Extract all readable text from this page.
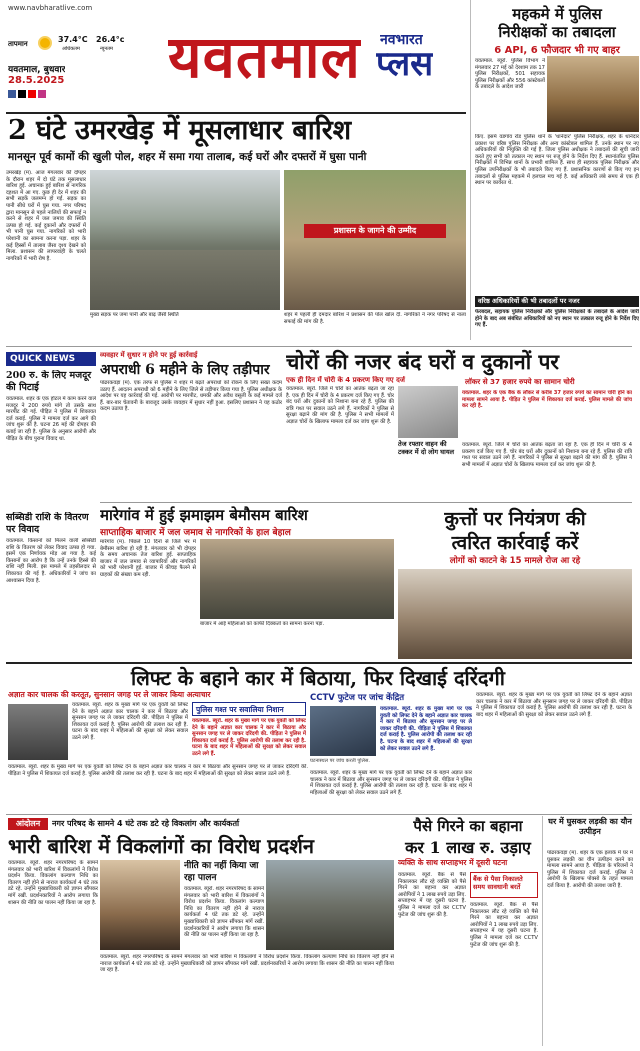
www.navbharatlive.com
तापमान	37.4°C
अधिकतम
26.4°c
न्यूनतम
यवतमाल, बुधवार
28.5.2025 यवतमाल नवभारत
प्लस
महकमे में पुलिस
निरीक्षकों का तबादला
6 API, 6 फौजदार भी गए बाहर
यवतमाल. ब्यूरो. पुलिस विभाग ने मंगलवार 27 मई को देरशाम तक 17 पुलिस निरीक्षकों, 501 सहायक पुलिस निरीक्षकों और 556 कांस्टेबलों के तबादले के आदेश जारी
किए. इसमें वडगांव रोड पुलिस थाने के 'थानेदार' पुलिस निरीक्षक, शहर के थानेदार प्रकाश पर वरिष्ठ पुलिस निरीक्षक और अन्य कांस्टेबल शामिल हैं. उनके स्थान पर नए अधिकारियों की नियुक्ति की गई है. जिला पुलिस अधीक्षक ने तबादलों की सूची जारी करते हुए सभी को तत्काल नए स्थान पर रुजू होने के निर्देश दिए हैं. स्थानांतरित पुलिस निरीक्षकों में विभिन्न थानों के प्रभारी शामिल हैं. साथ ही सहायक पुलिस निरीक्षक और पुलिस उपनिरीक्षकों के भी तबादले किए गए हैं. प्रशासनिक कारणों से किए गए इन तबादलों से पुलिस महकमे में हलचल मच गई है. कई अधिकारी लंबे समय से एक ही स्थान पर कार्यरत थे.
वरिष्ठ अधिकारियों की भी तबादलों पर नजर
फेरबदल, सहायक पुलिस निरीक्षकों और पुलिस निरीक्षकों के तबादले के आदेश जारी होने के बाद अब संबंधित अधिकारियों को नए स्थान पर तत्काल रुजू होने के निर्देश दिए गए हैं.
2 घंटे उमरखेड़ में मूसलाधार बारिश
मानसून पूर्व कामों की खुली पोल, शहर में समा गया तालाब, कई घरों और दफ्तरों में घुसा पानी
उमरखेड़ (म). आज मंगलवार की दोपहर के दौरान शहर में दो घंटे तक मूसलाधार बारिश हुई. अचानक हुई बारिश से नागरिक दहशत में आ गए. कुछ ही देर में शहर की सभी सड़कें जलमग्न हो गईं. सड़क का पानी सीधे घरों में घुस गया. नगर परिषद द्वारा मानसून से पहले नालियों की सफाई न करने से शहर में जल जमाव की स्थिति उत्पन्न हो गई. कई दुकानों और दफ्तरों में भी पानी घुस गया. नागरिकों को भारी परेशानी का सामना करना पड़ा. शहर के कई हिस्सों में तालाब जैसा दृश्य देखने को मिला. प्रशासन की लापरवाही के चलते नागरिकों में भारी रोष है.
मुख्य सड़क पर जमा पानी और बाढ़ जैसी स्थिति
प्रशासन के जागने की उम्मीद
शहर में पहली ही दमदार बारिश ने प्रशासन की पोल खोल दी. नागरिकों ने नगर परिषद से नाला सफाई की मांग की है.
QUICK NEWS
200 रु. के लिए मजदूर की पिटाई
यवतमाल. शहर के एक होटल में काम करने वाले मजदूर ने 200 रुपये मांगे तो उसके साथ मारपीट की गई. पीड़ित ने पुलिस में शिकायत दर्ज कराई. पुलिस ने मामला दर्ज कर आगे की जांच शुरू की है. घटना 26 मई की दोपहर की बताई जा रही है. पुलिस के अनुसार आरोपी और पीड़ित के बीच पुराना विवाद था.
सब्सिडी राशि के वितरण पर विवाद
यवतमाल. किसानों को मिलने वाली सब्सिडी राशि के वितरण को लेकर विवाद उत्पन्न हो गया. इसमें एक निर्णायक मोड़ आ गया है. कई किसानों का आरोप है कि उन्हें उनके हिस्से की राशि नहीं मिली. इस मामले में तहसीलदार से शिकायत की गई है. अधिकारियों ने जांच का आश्वासन दिया है.
व्यवहार में सुधार न होने पर हुई कार्रवाई
अपराधी 6 महीने के लिए तड़ीपार
पांढरकवड़ा (म). एक तरफ से पुलिस ने शहर में बढ़ते अपराधों को रोकने के लिए सख्त कदम उठाए हैं. आदतन अपराधी को 6 महीने के लिए जिले से तड़ीपार किया गया है. पुलिस अधीक्षक के आदेश पर यह कार्रवाई की गई. आरोपी पर मारपीट, धमकी और अवैध वसूली के कई मामले दर्ज हैं. बार-बार चेतावनी के बावजूद उसके व्यवहार में सुधार नहीं हुआ. इसलिए प्रशासन ने यह कठोर कदम उठाया है.
चोरों की नजर बंद घरों व दुकानों पर
एक ही दिन में चोरी के 4 प्रकरण किए गए दर्ज
यवतमाल. ब्यूरो. जिले में चोरों का आतंक बढ़ता जा रहा है. एक ही दिन में चोरी के 4 प्रकरण दर्ज किए गए हैं. चोर बंद घरों और दुकानों को निशाना बना रहे हैं. पुलिस की रात्रि गश्त पर सवाल उठने लगे हैं. नागरिकों ने पुलिस से सुरक्षा बढ़ाने की मांग की है. पुलिस ने सभी मामलों में अज्ञात चोरों के खिलाफ मामला दर्ज कर जांच शुरू की है.
लॉकर से 37 हजार रुपये का सामान चोरी
यवतमाल. शहर के एक बैंक के लॉकर से करीब 37 हजार रुपये का सामान चोरी होने का मामला सामने आया है. पीड़ित ने पुलिस में शिकायत दर्ज कराई. पुलिस मामले की जांच कर रही है.
तेज रफ्तार वाहन की टक्कर में दो लोग घायल
यवतमाल. ब्यूरो. जिले में चोरों का आतंक बढ़ता जा रहा है. एक ही दिन में चोरी के 4 प्रकरण दर्ज किए गए हैं. चोर बंद घरों और दुकानों को निशाना बना रहे हैं. पुलिस की रात्रि गश्त पर सवाल उठने लगे हैं. नागरिकों ने पुलिस से सुरक्षा बढ़ाने की मांग की है. पुलिस ने सभी मामलों में अज्ञात चोरों के खिलाफ मामला दर्ज कर जांच शुरू की है.
मारेगांव में हुई झमाझम बेमौसम बारिश
साप्ताहिक बाजार में जल जमाव से नागरिकों के हाल बेहाल
मारेगांव (म). पिछले 10 दिनों से जिले भर में बेमौसम बारिश हो रही है. मंगलवार को भी दोपहर के समय अचानक तेज बारिश हुई. साप्ताहिक बाजार में जल जमाव से व्यापारियों और नागरिकों को भारी परेशानी हुई. बाजार में कीचड़ फैलने से ग्राहकों की संख्या कम रही.
बाजार में आई महिलाओं को काफी दिक्कतों का सामना करना पड़ा.
कुत्तों पर नियंत्रण की
त्वरित कार्रवाई करें
लोगों को काटने के 15 मामले रोज आ रहे
लिफ्ट के बहाने कार में बिठाया, फिर दिखाई दरिंदगी
अज्ञात कार चालक की करतूत, सुनसान जगह पर ले जाकर किया अत्याचार
यवतमाल. ब्यूरो. शहर के मुख्य मार्ग पर एक युवती को लिफ्ट देने के बहाने अज्ञात कार चालक ने कार में बिठाया और सुनसान जगह पर ले जाकर दरिंदगी की. पीड़िता ने पुलिस में शिकायत दर्ज कराई है. पुलिस आरोपी की तलाश कर रही है. घटना के बाद शहर में महिलाओं की सुरक्षा को लेकर सवाल उठने लगे हैं.
पुलिस गश्त पर सवालिया निशान
यवतमाल. ब्यूरो. शहर के मुख्य मार्ग पर एक युवती को लिफ्ट देने के बहाने अज्ञात कार चालक ने कार में बिठाया और सुनसान जगह पर ले जाकर दरिंदगी की. पीड़िता ने पुलिस में शिकायत दर्ज कराई है. पुलिस आरोपी की तलाश कर रही है. घटना के बाद शहर में महिलाओं की सुरक्षा को लेकर सवाल उठने लगे हैं.
CCTV फुटेज पर जांच केंद्रित
यवतमाल. ब्यूरो. शहर के मुख्य मार्ग पर एक युवती को लिफ्ट देने के बहाने अज्ञात कार चालक ने कार में बिठाया और सुनसान जगह पर ले जाकर दरिंदगी की. पीड़िता ने पुलिस में शिकायत दर्ज कराई है. पुलिस आरोपी की तलाश कर रही है. घटना के बाद शहर में महिलाओं की सुरक्षा को लेकर सवाल उठने लगे हैं.
यवतमाल. ब्यूरो. शहर के मुख्य मार्ग पर एक युवती को लिफ्ट देने के बहाने अज्ञात कार चालक ने कार में बिठाया और सुनसान जगह पर ले जाकर दरिंदगी की. पीड़िता ने पुलिस में शिकायत दर्ज कराई है. पुलिस आरोपी की तलाश कर रही है. घटना के बाद शहर में महिलाओं की सुरक्षा को लेकर सवाल उठने लगे हैं.
यवतमाल. ब्यूरो. शहर के मुख्य मार्ग पर एक युवती को लिफ्ट देने के बहाने अज्ञात कार चालक ने कार में बिठाया और सुनसान जगह पर ले जाकर दरिंदगी की. पीड़िता ने पुलिस में शिकायत दर्ज कराई है. पुलिस आरोपी की तलाश कर रही है. घटना के बाद शहर में महिलाओं की सुरक्षा को लेकर सवाल उठने लगे हैं.
घटनास्थल पर जांच करती पुलिस.
यवतमाल. ब्यूरो. शहर के मुख्य मार्ग पर एक युवती को लिफ्ट देने के बहाने अज्ञात कार चालक ने कार में बिठाया और सुनसान जगह पर ले जाकर दरिंदगी की. पीड़िता ने पुलिस में शिकायत दर्ज कराई है. पुलिस आरोपी की तलाश कर रही है. घटना के बाद शहर में महिलाओं की सुरक्षा को लेकर सवाल उठने लगे हैं.
आंदोलन	नगर परिषद के सामने 4 घंटे तक डटे रहे विकलांग और कार्यकर्ता
भारी बारिश में विकलांगों का विरोध प्रदर्शन
यवतमाल. ब्यूरो. शहर नगरपरिषद के सामने मंगलवार को भारी बारिश में विकलांगों ने विरोध प्रदर्शन किया. विकलांग कल्याण निधि का वितरण नहीं होने से नाराज कार्यकर्ता 4 घंटे तक डटे रहे. उन्होंने मुख्याधिकारी को ज्ञापन सौंपकर मांगें रखीं. प्रदर्शनकारियों ने आरोप लगाया कि शासन की नीति का पालन नहीं किया जा रहा है.
नीति का नहीं किया जा रहा पालन
यवतमाल. ब्यूरो. शहर नगरपरिषद के सामने मंगलवार को भारी बारिश में विकलांगों ने विरोध प्रदर्शन किया. विकलांग कल्याण निधि का वितरण नहीं होने से नाराज कार्यकर्ता 4 घंटे तक डटे रहे. उन्होंने मुख्याधिकारी को ज्ञापन सौंपकर मांगें रखीं. प्रदर्शनकारियों ने आरोप लगाया कि शासन की नीति का पालन नहीं किया जा रहा है.
यवतमाल. ब्यूरो. शहर नगरपरिषद के सामने मंगलवार को भारी बारिश में विकलांगों ने विरोध प्रदर्शन किया. विकलांग कल्याण निधि का वितरण नहीं होने से नाराज कार्यकर्ता 4 घंटे तक डटे रहे. उन्होंने मुख्याधिकारी को ज्ञापन सौंपकर मांगें रखीं. प्रदर्शनकारियों ने आरोप लगाया कि शासन की नीति का पालन नहीं किया जा रहा है.
पैसे गिरने का बहाना
कर 1 लाख रु. उड़ाए
व्यक्ति के साथ सप्ताहभर में दूसरी घटना
यवतमाल. ब्यूरो. बैंक से पैसे निकालकर लौट रहे व्यक्ति को पैसे गिरने का बहाना कर अज्ञात आरोपियों ने 1 लाख रुपये उड़ा लिए. सप्ताहभर में यह दूसरी घटना है. पुलिस ने मामला दर्ज कर CCTV फुटेज की जांच शुरू की है.
बैंक से पैसा निकालते समय सावधानी बरतें
यवतमाल. ब्यूरो. बैंक से पैसे निकालकर लौट रहे व्यक्ति को पैसे गिरने का बहाना कर अज्ञात आरोपियों ने 1 लाख रुपये उड़ा लिए. सप्ताहभर में यह दूसरी घटना है. पुलिस ने मामला दर्ज कर CCTV फुटेज की जांच शुरू की है.
घर में घुसकर लड़की का यौन उत्पीड़न
पांढरकवड़ा (म). शहर के एक इलाके में घर में घुसकर लड़की का यौन उत्पीड़न करने का मामला सामने आया है. पीड़िता के परिजनों ने पुलिस में शिकायत दर्ज कराई. पुलिस ने आरोपी के खिलाफ पोक्सो के तहत मामला दर्ज किया है. आरोपी की तलाश जारी है.
